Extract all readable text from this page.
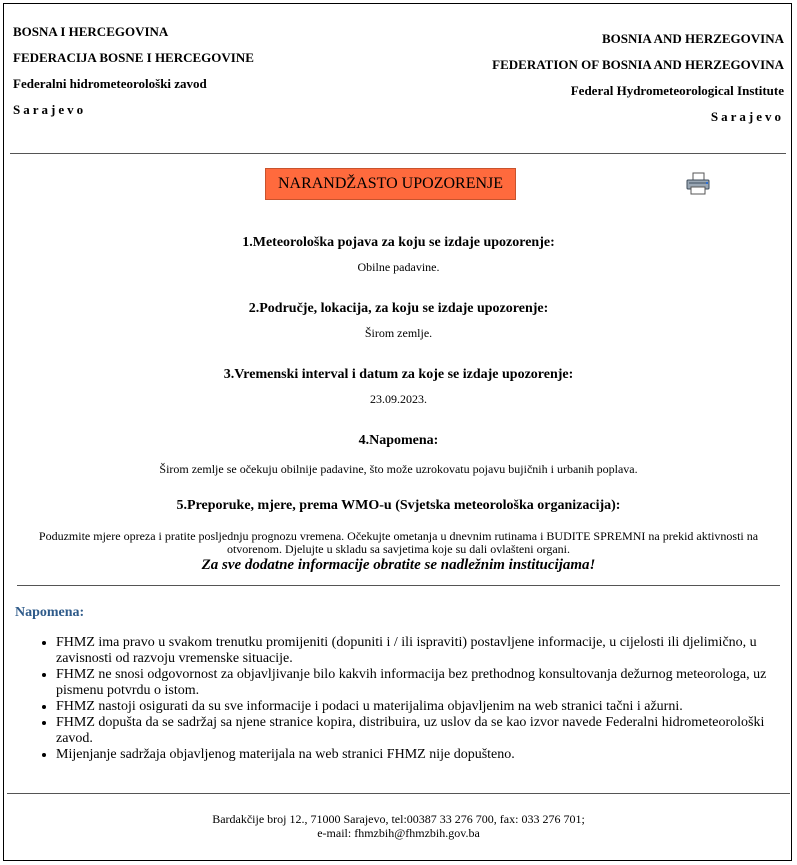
BOSNA I HERCEGOVINA
FEDERACIJA BOSNE I HERCEGOVINE
Federalni hidrometeorološki zavod
Sarajevo
BOSNIA AND HERZEGOVINA
FEDERATION OF BOSNIA AND HERZEGOVINA
Federal Hydrometeorological Institute
Sarajevo
NARANDŽASTO UPOZORENJE
1.Meteorološka pojava za koju se izdaje upozorenje:
Obilne padavine.
2.Područje, lokacija, za koju se izdaje upozorenje:
Širom zemlje.
3.Vremenski interval i datum za koje se izdaje upozorenje:
23.09.2023.
4.Napomena:
Širom zemlje se očekuju obilnije padavine, što može uzrokovatu pojavu bujičnih i urbanih poplava.
5.Preporuke, mjere, prema WMO-u (Svjetska meteorološka organizacija):
Poduzmite mjere opreza i pratite posljednju prognozu vremena. Očekujte ometanja u dnevnim rutinama i BUDITE SPREMNI na prekid aktivnosti na otvorenom. Djelujte u skladu sa savjetima koje su dali ovlašteni organi.
Za sve dodatne informacije obratite se nadležnim institucijama!
Napomena:
• FHMZ ima pravo u svakom trenutku promijeniti (dopuniti i / ili ispraviti) postavljene informacije, u cijelosti ili djelimično, u zavisnosti od razvoju vremenske situacije.
• FHMZ ne snosi odgovornost za objavljivanje bilo kakvih informacija bez prethodnog konsultovanja dežurnog meteorologa, uz pismenu potvrdu o istom.
• FHMZ nastoji osigurati da su sve informacije i podaci u materijalima objavljenim na web stranici tačni i ažurni.
• FHMZ dopušta da se sadržaj sa njene stranice kopira, distribuira, uz uslov da se kao izvor navede Federalni hidrometeorološki zavod.
• Mijenjanje sadržaja objavljenog materijala na web stranici FHMZ nije dopušteno.
Bardakčije broj 12., 71000 Sarajevo, tel:00387 33 276 700, fax: 033 276 701;
e-mail: fhmzbih@fhmzbih.gov.ba
